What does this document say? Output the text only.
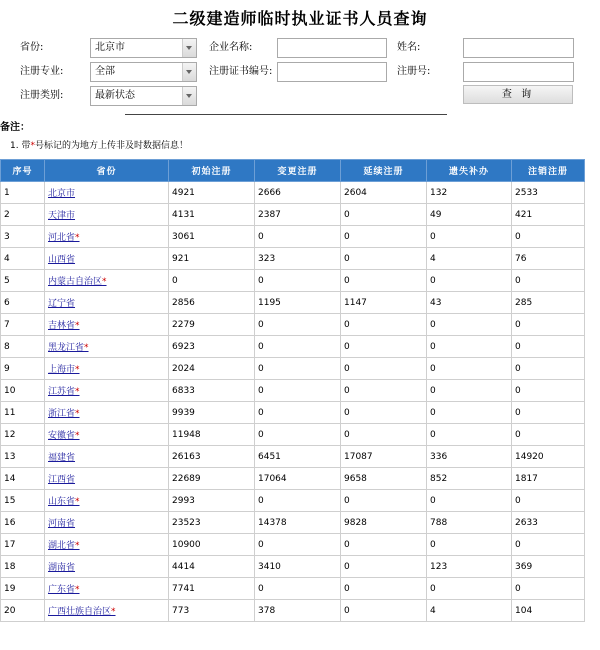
二级建造师临时执业证书人员查询
省份:	北京市	企业名称:	姓名:
注册专业:	全部	注册证书编号:	注册号:
注册类别:	最新状态	查 询
备注：
1. 带*号标记的为地方上传非及时数据信息！
序号	省份	初始注册	变更注册	延续注册	遗失补办	注销注册
1	北京市	4921	2666	2604	132	2533
2	天津市	4131	2387	0	49	421
3	河北省*	3061	0	0	0	0
4	山西省	921	323	0	4	76
5	内蒙古自治区*	0	0	0	0	0
6	辽宁省	2856	1195	1147	43	285
7	吉林省*	2279	0	0	0	0
8	黑龙江省*	6923	0	0	0	0
9	上海市*	2024	0	0	0	0
10	江苏省*	6833	0	0	0	0
11	浙江省*	9939	0	0	0	0
12	安徽省*	11948	0	0	0	0
13	福建省	26163	6451	17087	336	14920
14	江西省	22689	17064	9658	852	1817
15	山东省*	2993	0	0	0	0
16	河南省	23523	14378	9828	788	2633
17	湖北省*	10900	0	0	0	0
18	湖南省	4414	3410	0	123	369
19	广东省*	7741	0	0	0	0
20	广西壮族自治区*	773	378	0	4	104
